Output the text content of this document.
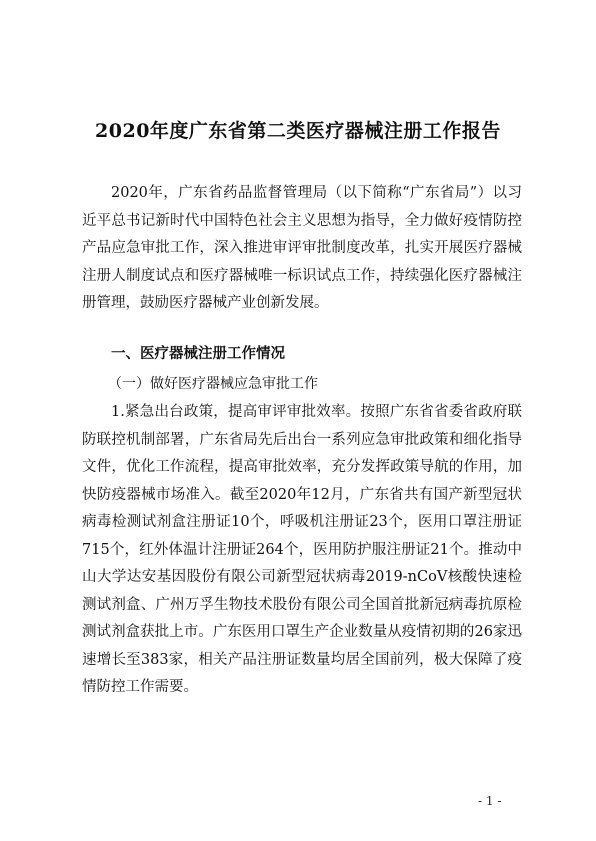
2020年度广东省第二类医疗器械注册工作报告
2020年，广东省药品监督管理局（以下简称“广东省局”）以习近平总书记新时代中国特色社会主义思想为指导，全力做好疫情防控产品应急审批工作，深入推进审评审批制度改革，扎实开展医疗器械注册人制度试点和医疗器械唯一标识试点工作，持续强化医疗器械注册管理，鼓励医疗器械产业创新发展。
一、医疗器械注册工作情况
（一）做好医疗器械应急审批工作
1.紧急出台政策，提高审评审批效率。按照广东省省委省政府联防联控机制部署，广东省局先后出台一系列应急审批政策和细化指导文件，优化工作流程，提高审批效率，充分发挥政策导航的作用，加快防疫器械市场准入。截至2020年12月，广东省共有国产新型冠状病毒检测试剂盒注册证10个，呼吸机注册证23个，医用口罩注册证715个，红外体温计注册证264个，医用防护服注册证21个。推动中山大学达安基因股份有限公司新型冠状病毒2019-nCoV核酸快速检测试剂盒、广州万孚生物技术股份有限公司全国首批新冠病毒抗原检测试剂盒获批上市。广东医用口罩生产企业数量从疫情初期的26家迅速增长至383家，相关产品注册证数量均居全国前列，极大保障了疫情防控工作需要。
- 1 -
